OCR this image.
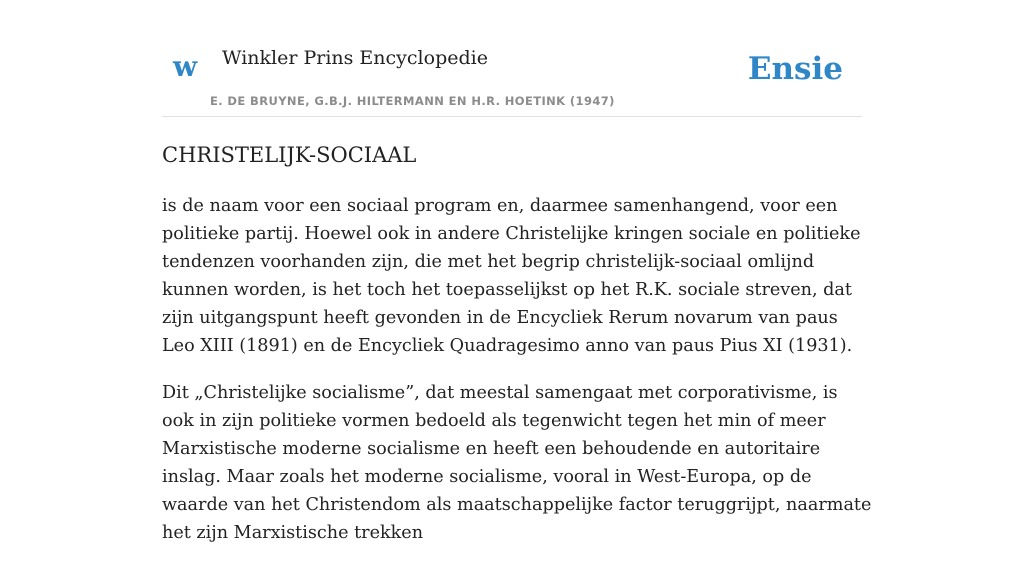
w Winkler Prins Encyclopedie
E. DE BRUYNE, G.B.J. HILTERMANN EN H.R. HOETINK (1947)
Ensie
CHRISTELIJK-SOCIAAL

is de naam voor een sociaal program en, daarmee samenhangend, voor een politieke partij. Hoewel ook in andere Christelijke kringen sociale en politieke tendenzen voorhanden zijn, die met het begrip christelijk-sociaal omlijnd kunnen worden, is het toch het toepasselijkst op het R.K. sociale streven, dat zijn uitgangspunt heeft gevonden in de Encycliek Rerum novarum van paus Leo XIII (1891) en de Encycliek Quadragesimo anno van paus Pius XI (1931).

Dit „Christelijke socialisme”, dat meestal samengaat met corporativisme, is ook in zijn politieke vormen bedoeld als tegenwicht tegen het min of meer Marxistische moderne socialisme en heeft een behoudende en autoritaire inslag. Maar zoals het moderne socialisme, vooral in West-Europa, op de waarde van het Christendom als maatschappelijke factor teruggrijpt, naarmate het zijn Marxistische trekken
